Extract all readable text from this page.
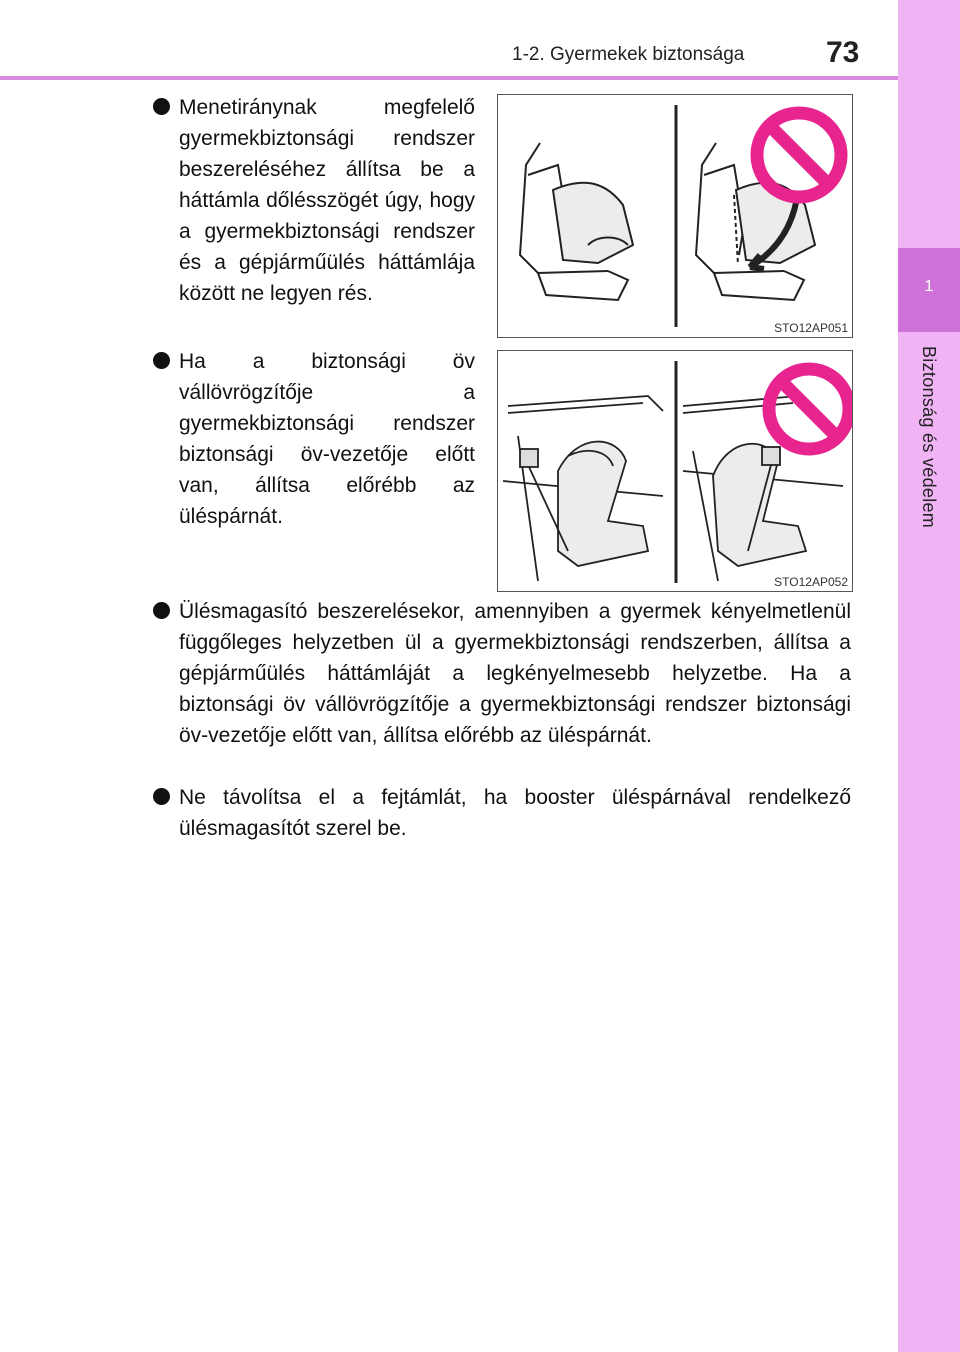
1-2. Gyermekek biztonsága	73
1
Biztonság és védelem
Menetiránynak megfelelő gyermekbiztonsági rendszer beszereléséhez állítsa be a háttámla dőlésszögét úgy, hogy a gyermekbiztonsági rendszer és a gépjárműülés háttámlája között ne legyen rés.
STO12AP051
Ha a biztonsági öv vállövrögzítője a gyermekbiztonsági rendszer biztonsági öv-vezetője előtt van, állítsa előrébb az üléspárnát.
STO12AP052
Ülésmagasító beszerelésekor, amennyiben a gyermek kényelmetlenül függőleges helyzetben ül a gyermekbiztonsági rendszerben, állítsa a gépjárműülés háttámláját a legkényelmesebb helyzetbe. Ha a biztonsági öv vállövrögzítője a gyermekbiztonsági rendszer biztonsági öv-vezetője előtt van, állítsa előrébb az üléspárnát.
Ne távolítsa el a fejtámlát, ha booster üléspárnával rendelkező ülésmagasítót szerel be.
